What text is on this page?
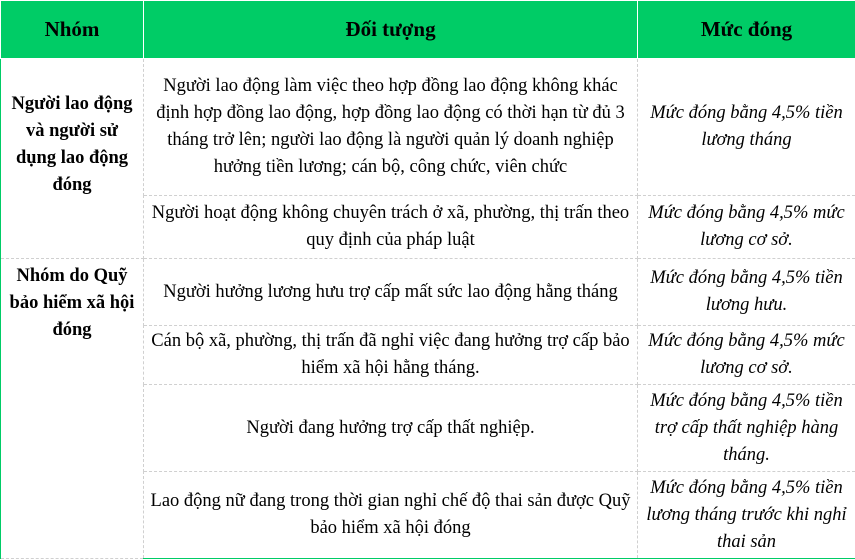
Nhóm	Đối tượng	Mức đóng
Người lao động và người sử dụng lao động đóng	Người lao động làm việc theo hợp đồng lao động không khác định hợp đồng lao động, hợp đồng lao động có thời hạn từ đủ 3 tháng trở lên; người lao động là người quản lý doanh nghiệp hưởng tiền lương; cán bộ, công chức, viên chức	Mức đóng bằng 4,5% tiền lương tháng
	Người hoạt động không chuyên trách ở xã, phường, thị trấn theo quy định của pháp luật	Mức đóng bằng 4,5% mức lương cơ sở.
Nhóm do Quỹ bảo hiểm xã hội đóng	Người hưởng lương hưu trợ cấp mất sức lao động hằng tháng	Mức đóng bằng 4,5% tiền lương hưu.
	Cán bộ xã, phường, thị trấn đã nghỉ việc đang hưởng trợ cấp bảo hiểm xã hội hằng tháng.	Mức đóng bằng 4,5% mức lương cơ sở.
	Người đang hưởng trợ cấp thất nghiệp.	Mức đóng bằng 4,5% tiền trợ cấp thất nghiệp hàng tháng.
	Lao động nữ đang trong thời gian nghỉ chế độ thai sản được Quỹ bảo hiểm xã hội đóng	Mức đóng bằng 4,5% tiền lương tháng trước khi nghỉ thai sản
